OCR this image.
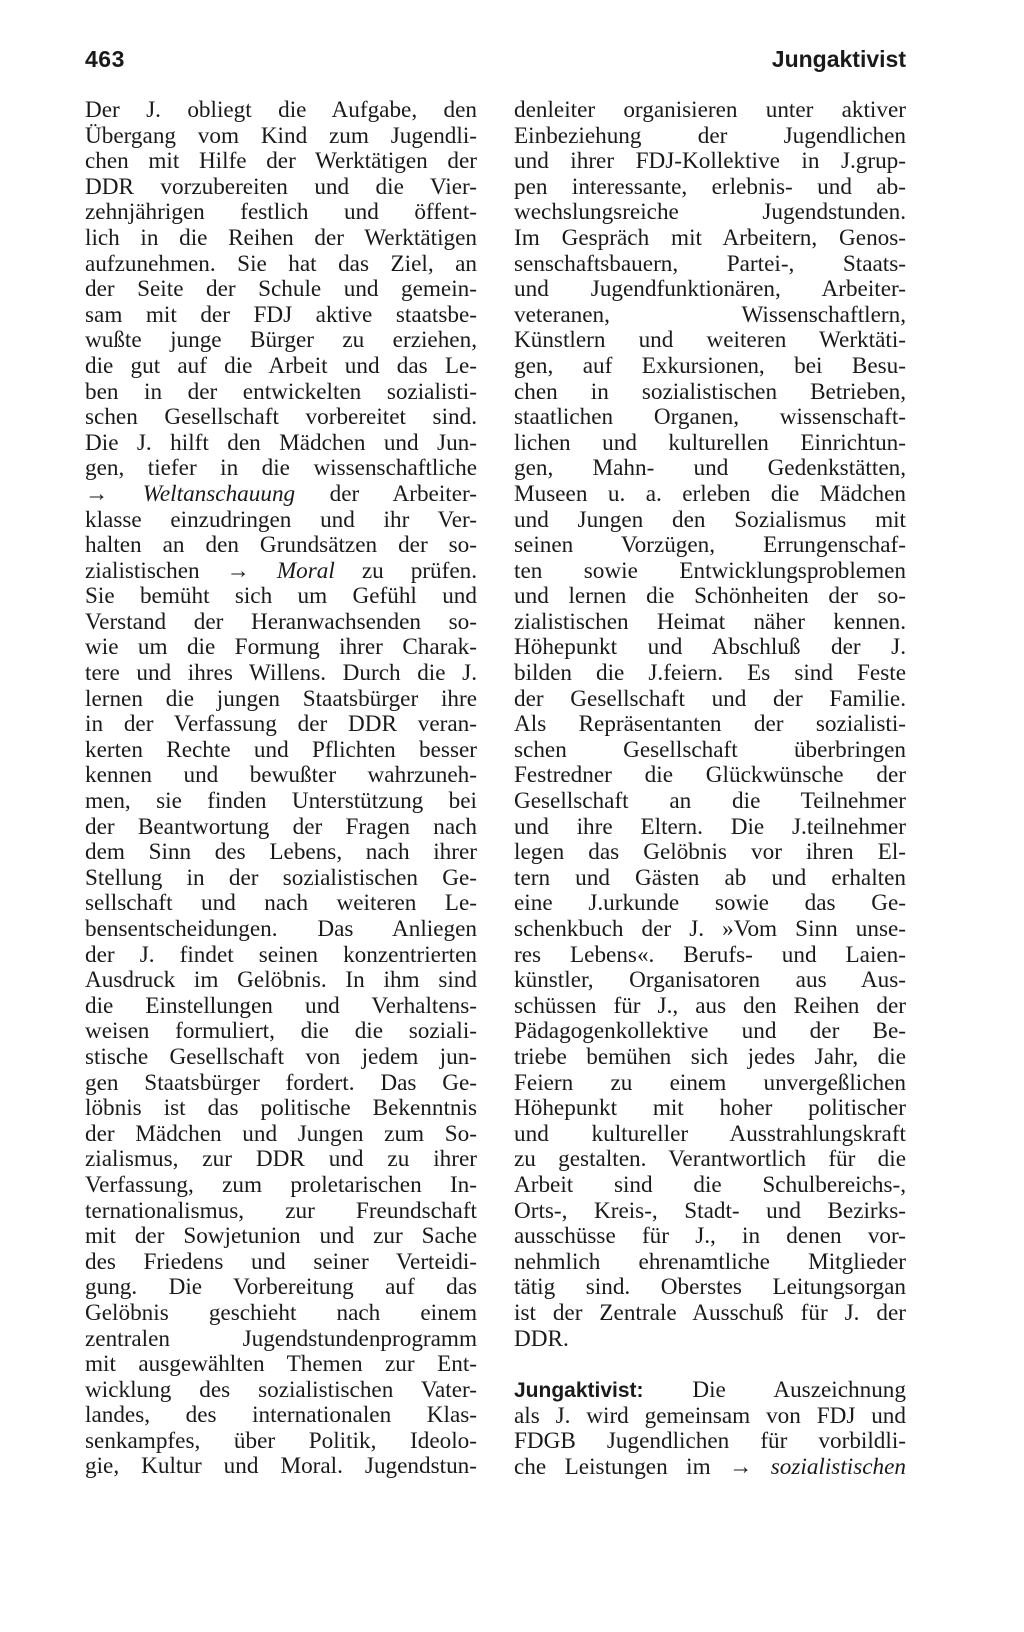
463	Jungaktivist
Der J. obliegt die Aufgabe, den
Übergang vom Kind zum Jugendli-
chen mit Hilfe der Werktätigen der
DDR vorzubereiten und die Vier-
zehnjährigen festlich und öffent-
lich in die Reihen der Werktätigen
aufzunehmen. Sie hat das Ziel, an
der Seite der Schule und gemein-
sam mit der FDJ aktive staatsbe-
wußte junge Bürger zu erziehen,
die gut auf die Arbeit und das Le-
ben in der entwickelten sozialisti-
schen Gesellschaft vorbereitet sind.
Die J. hilft den Mädchen und Jun-
gen, tiefer in die wissenschaftliche
→ Weltanschauung der Arbeiter-
klasse einzudringen und ihr Ver-
halten an den Grundsätzen der so-
zialistischen → Moral zu prüfen.
Sie bemüht sich um Gefühl und
Verstand der Heranwachsenden so-
wie um die Formung ihrer Charak-
tere und ihres Willens. Durch die J.
lernen die jungen Staatsbürger ihre
in der Verfassung der DDR veran-
kerten Rechte und Pflichten besser
kennen und bewußter wahrzuneh-
men, sie finden Unterstützung bei
der Beantwortung der Fragen nach
dem Sinn des Lebens, nach ihrer
Stellung in der sozialistischen Ge-
sellschaft und nach weiteren Le-
bensentscheidungen. Das Anliegen
der J. findet seinen konzentrierten
Ausdruck im Gelöbnis. In ihm sind
die Einstellungen und Verhaltens-
weisen formuliert, die die soziali-
stische Gesellschaft von jedem jun-
gen Staatsbürger fordert. Das Ge-
löbnis ist das politische Bekenntnis
der Mädchen und Jungen zum So-
zialismus, zur DDR und zu ihrer
Verfassung, zum proletarischen In-
ternationalismus, zur Freundschaft
mit der Sowjetunion und zur Sache
des Friedens und seiner Verteidi-
gung. Die Vorbereitung auf das
Gelöbnis geschieht nach einem
zentralen Jugendstundenprogramm
mit ausgewählten Themen zur Ent-
wicklung des sozialistischen Vater-
landes, des internationalen Klas-
senkampfes, über Politik, Ideolo-
gie, Kultur und Moral. Jugendstun-
denleiter organisieren unter aktiver
Einbeziehung der Jugendlichen
und ihrer FDJ-Kollektive in J.grup-
pen interessante, erlebnis- und ab-
wechslungsreiche Jugendstunden.
Im Gespräch mit Arbeitern, Genos-
senschaftsbauern, Partei-, Staats-
und Jugendfunktionären, Arbeiter-
veteranen, Wissenschaftlern,
Künstlern und weiteren Werktäti-
gen, auf Exkursionen, bei Besu-
chen in sozialistischen Betrieben,
staatlichen Organen, wissenschaft-
lichen und kulturellen Einrichtun-
gen, Mahn- und Gedenkstätten,
Museen u. a. erleben die Mädchen
und Jungen den Sozialismus mit
seinen Vorzügen, Errungenschaf-
ten sowie Entwicklungsproblemen
und lernen die Schönheiten der so-
zialistischen Heimat näher kennen.
Höhepunkt und Abschluß der J.
bilden die J.feiern. Es sind Feste
der Gesellschaft und der Familie.
Als Repräsentanten der sozialisti-
schen Gesellschaft überbringen
Festredner die Glückwünsche der
Gesellschaft an die Teilnehmer
und ihre Eltern. Die J.teilnehmer
legen das Gelöbnis vor ihren El-
tern und Gästen ab und erhalten
eine J.urkunde sowie das Ge-
schenkbuch der J. »Vom Sinn unse-
res Lebens«. Berufs- und Laien-
künstler, Organisatoren aus Aus-
schüssen für J., aus den Reihen der
Pädagogenkollektive und der Be-
triebe bemühen sich jedes Jahr, die
Feiern zu einem unvergeßlichen
Höhepunkt mit hoher politischer
und kultureller Ausstrahlungskraft
zu gestalten. Verantwortlich für die
Arbeit sind die Schulbereichs-,
Orts-, Kreis-, Stadt- und Bezirks-
ausschüsse für J., in denen vor-
nehmlich ehrenamtliche Mitglieder
tätig sind. Oberstes Leitungsorgan
ist der Zentrale Ausschuß für J. der
DDR.
Jungaktivist: Die Auszeichnung
als J. wird gemeinsam von FDJ und
FDGB Jugendlichen für vorbildli-
che Leistungen im → sozialistischen
